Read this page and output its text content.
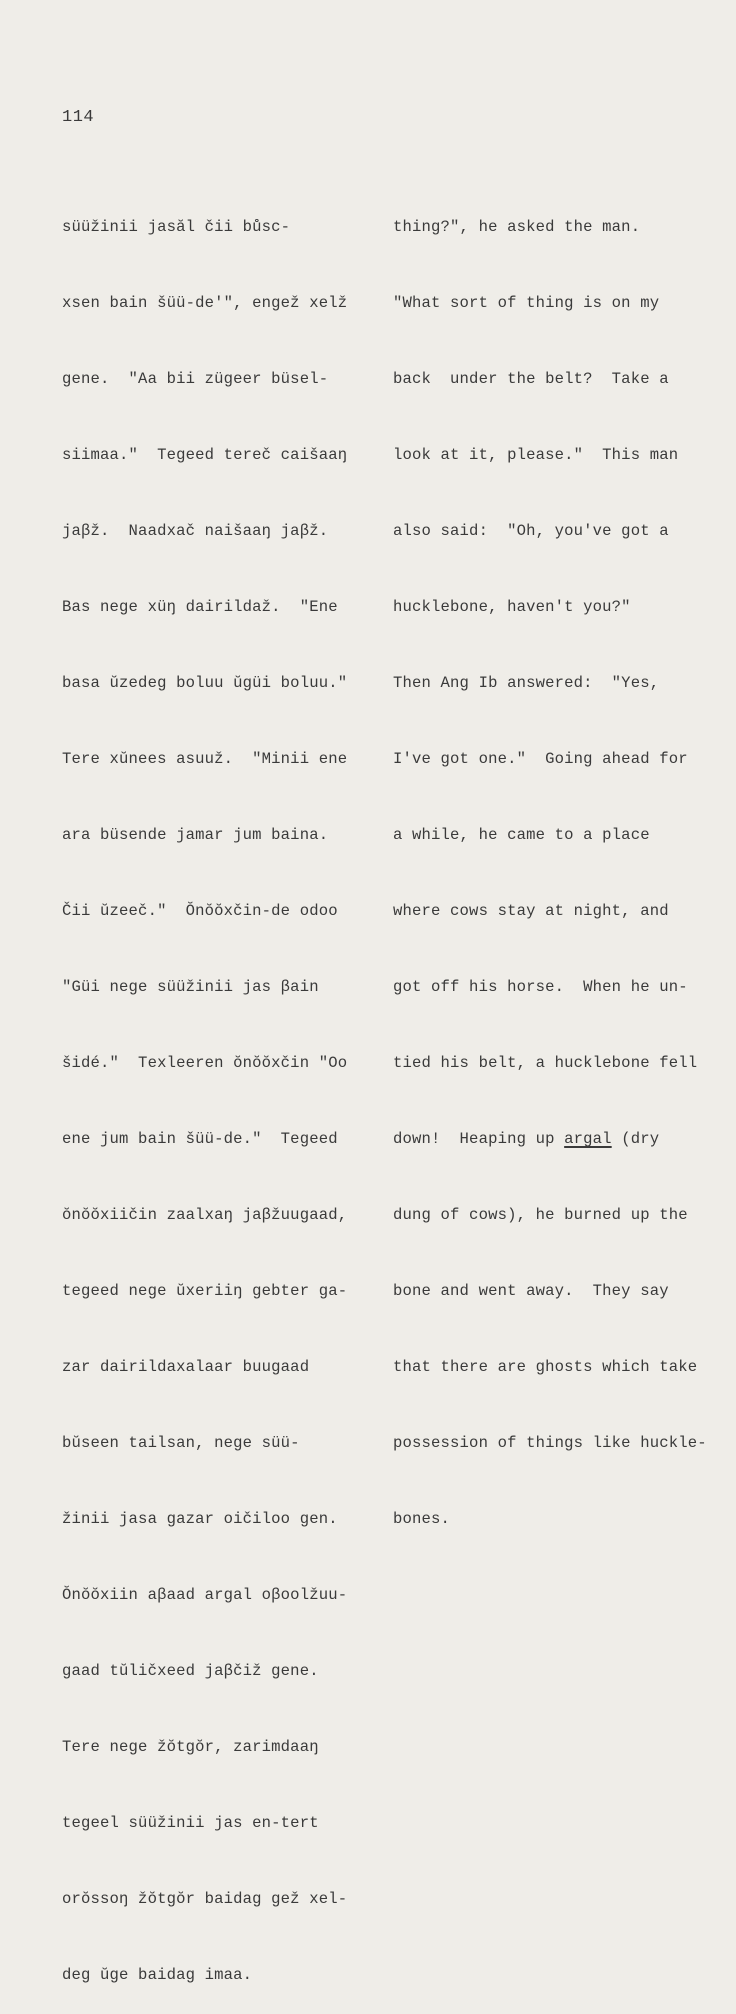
114

süüžinii jasăl čii bůsc-

xsen bain šüü-de'", engež xelž

gene.  "Aa bii zügeer büsel-

siimaa."  Tegeed tereč caišaaŋ

jaβž.  Naadxač naišaaŋ jaβž.

Bas nege xüŋ dairildaž.  "Ene

basa ŭzedeg boluu ŭgüi boluu."

Tere xŭnees asuuž.  "Minii ene

ara büsende jamar jum baina.

Čii ŭzeeč."  Ŏnŏŏxčin-de odoo

"Güi nege süüžinii jas βain

šidé."  Texleeren ŏnŏŏxčin "Oo

ene jum bain šüü-de."  Tegeed

ŏnŏŏxiičin zaalxaŋ jaβžuugaad,

tegeed nege ŭxeriiŋ gebter ga-

zar dairildaxalaar buugaad

bŭseen tailsan, nege süü-

žinii jasa gazar oičiloo gen.

Ŏnŏŏxiin aβaad argal oβoolžuu-

gaad tŭličxeed jaβčiž gene.

Tere nege žŏtgŏr, zarimdaaŋ

tegeel süüžinii jas en-tert

orŏssoŋ žŏtgŏr baidag gež xel-

deg ŭge baidag imaa.

thing?", he asked the man.

"What sort of thing is on my

back  under the belt?  Take a

look at it, please."  This man

also said:  "Oh, you've got a

hucklebone, haven't you?"

Then Ang Ib answered:  "Yes,

I've got one."  Going ahead for

a while, he came to a place

where cows stay at night, and

got off his horse.  When he un-

tied his belt, a hucklebone fell

down!  Heaping up argal (dry

dung of cows), he burned up the

bone and went away.  They say

that there are ghosts which take

possession of things like huckle-

bones.
